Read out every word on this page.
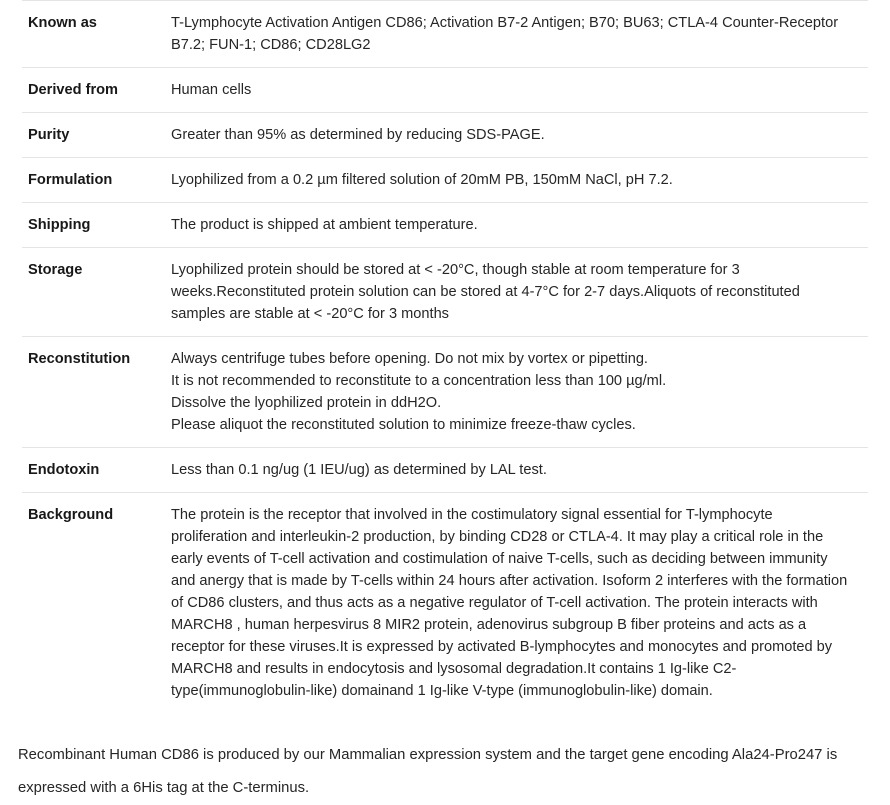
Known as	T-Lymphocyte Activation Antigen CD86; Activation B7-2 Antigen; B70; BU63; CTLA-4 Counter-Receptor B7.2; FUN-1; CD86; CD28LG2

Derived from	Human cells

Purity	Greater than 95% as determined by reducing SDS-PAGE.

Formulation	Lyophilized from a 0.2 µm filtered solution of 20mM PB, 150mM NaCl, pH 7.2.

Shipping	The product is shipped at ambient temperature.

Storage	Lyophilized protein should be stored at < -20°C, though stable at room temperature for 3 weeks.Reconstituted protein solution can be stored at 4-7°C for 2-7 days.Aliquots of reconstituted samples are stable at < -20°C for 3 months

Reconstitution	Always centrifuge tubes before opening. Do not mix by vortex or pipetting.
It is not recommended to reconstitute to a concentration less than 100 µg/ml.
Dissolve the lyophilized protein in ddH2O.
Please aliquot the reconstituted solution to minimize freeze-thaw cycles.

Endotoxin	Less than 0.1 ng/ug (1 IEU/ug) as determined by LAL test.

Background	The protein is the receptor that involved in the costimulatory signal essential for T-lymphocyte proliferation and interleukin-2 production, by binding CD28 or CTLA-4. It may play a critical role in the early events of T-cell activation and costimulation of naive T-cells, such as deciding between immunity and anergy that is made by T-cells within 24 hours after activation. Isoform 2 interferes with the formation of CD86 clusters, and thus acts as a negative regulator of T-cell activation. The protein interacts with MARCH8 , human herpesvirus 8 MIR2 protein, adenovirus subgroup B fiber proteins and acts as a receptor for these viruses.It is expressed by activated B-lymphocytes and monocytes and promoted by MARCH8 and results in endocytosis and lysosomal degradation.It contains 1 Ig-like C2-type(immunoglobulin-like) domainand 1 Ig-like V-type (immunoglobulin-like) domain.

Recombinant Human CD86 is produced by our Mammalian expression system and the target gene encoding Ala24-Pro247 is expressed with a 6His tag at the C-terminus.
